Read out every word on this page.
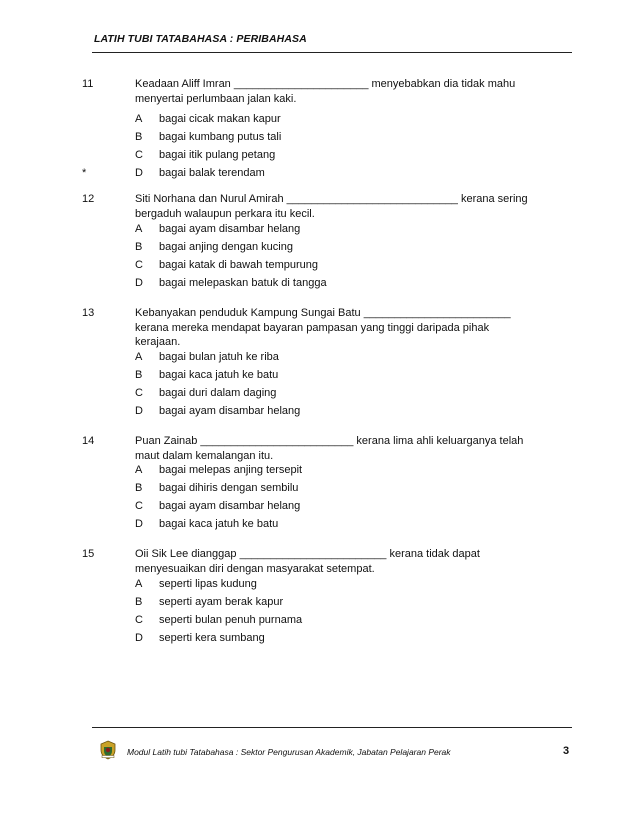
LATIH TUBI TATABAHASA : PERIBAHASA
11	Keadaan Aliff Imran ______________________ menyebabkan dia tidak mahu menyertai perlumbaan jalan kaki.
A bagai cicak makan kapur
B bagai kumbang putus tali
C bagai itik pulang petang
*	D bagai balak terendam
12	Siti Norhana dan Nurul Amirah ____________________________ kerana sering bergaduh walaupun perkara itu kecil.
A bagai ayam disambar helang
B bagai anjing dengan kucing
C bagai katak di bawah tempurung
D bagai melepaskan batuk di tangga
13	Kebanyakan penduduk Kampung Sungai Batu ________________________ kerana mereka mendapat bayaran pampasan yang tinggi daripada pihak kerajaan.
A bagai bulan jatuh ke riba
B bagai kaca jatuh ke batu
C bagai duri dalam daging
D bagai ayam disambar helang
14	Puan Zainab _________________________ kerana lima ahli keluarganya telah maut dalam kemalangan itu.
A bagai melepas anjing tersepit
B bagai dihiris dengan sembilu
C bagai ayam disambar helang
D bagai kaca jatuh ke batu
15	Oii Sik Lee dianggap ________________________ kerana tidak dapat menyesuaikan diri dengan masyarakat setempat.
A seperti lipas kudung
B seperti ayam berak kapur
C seperti bulan penuh purnama
D seperti kera sumbang
Modul Latih tubi Tatabahasa : Sektor Pengurusan Akademik, Jabatan Pelajaran Perak	3
